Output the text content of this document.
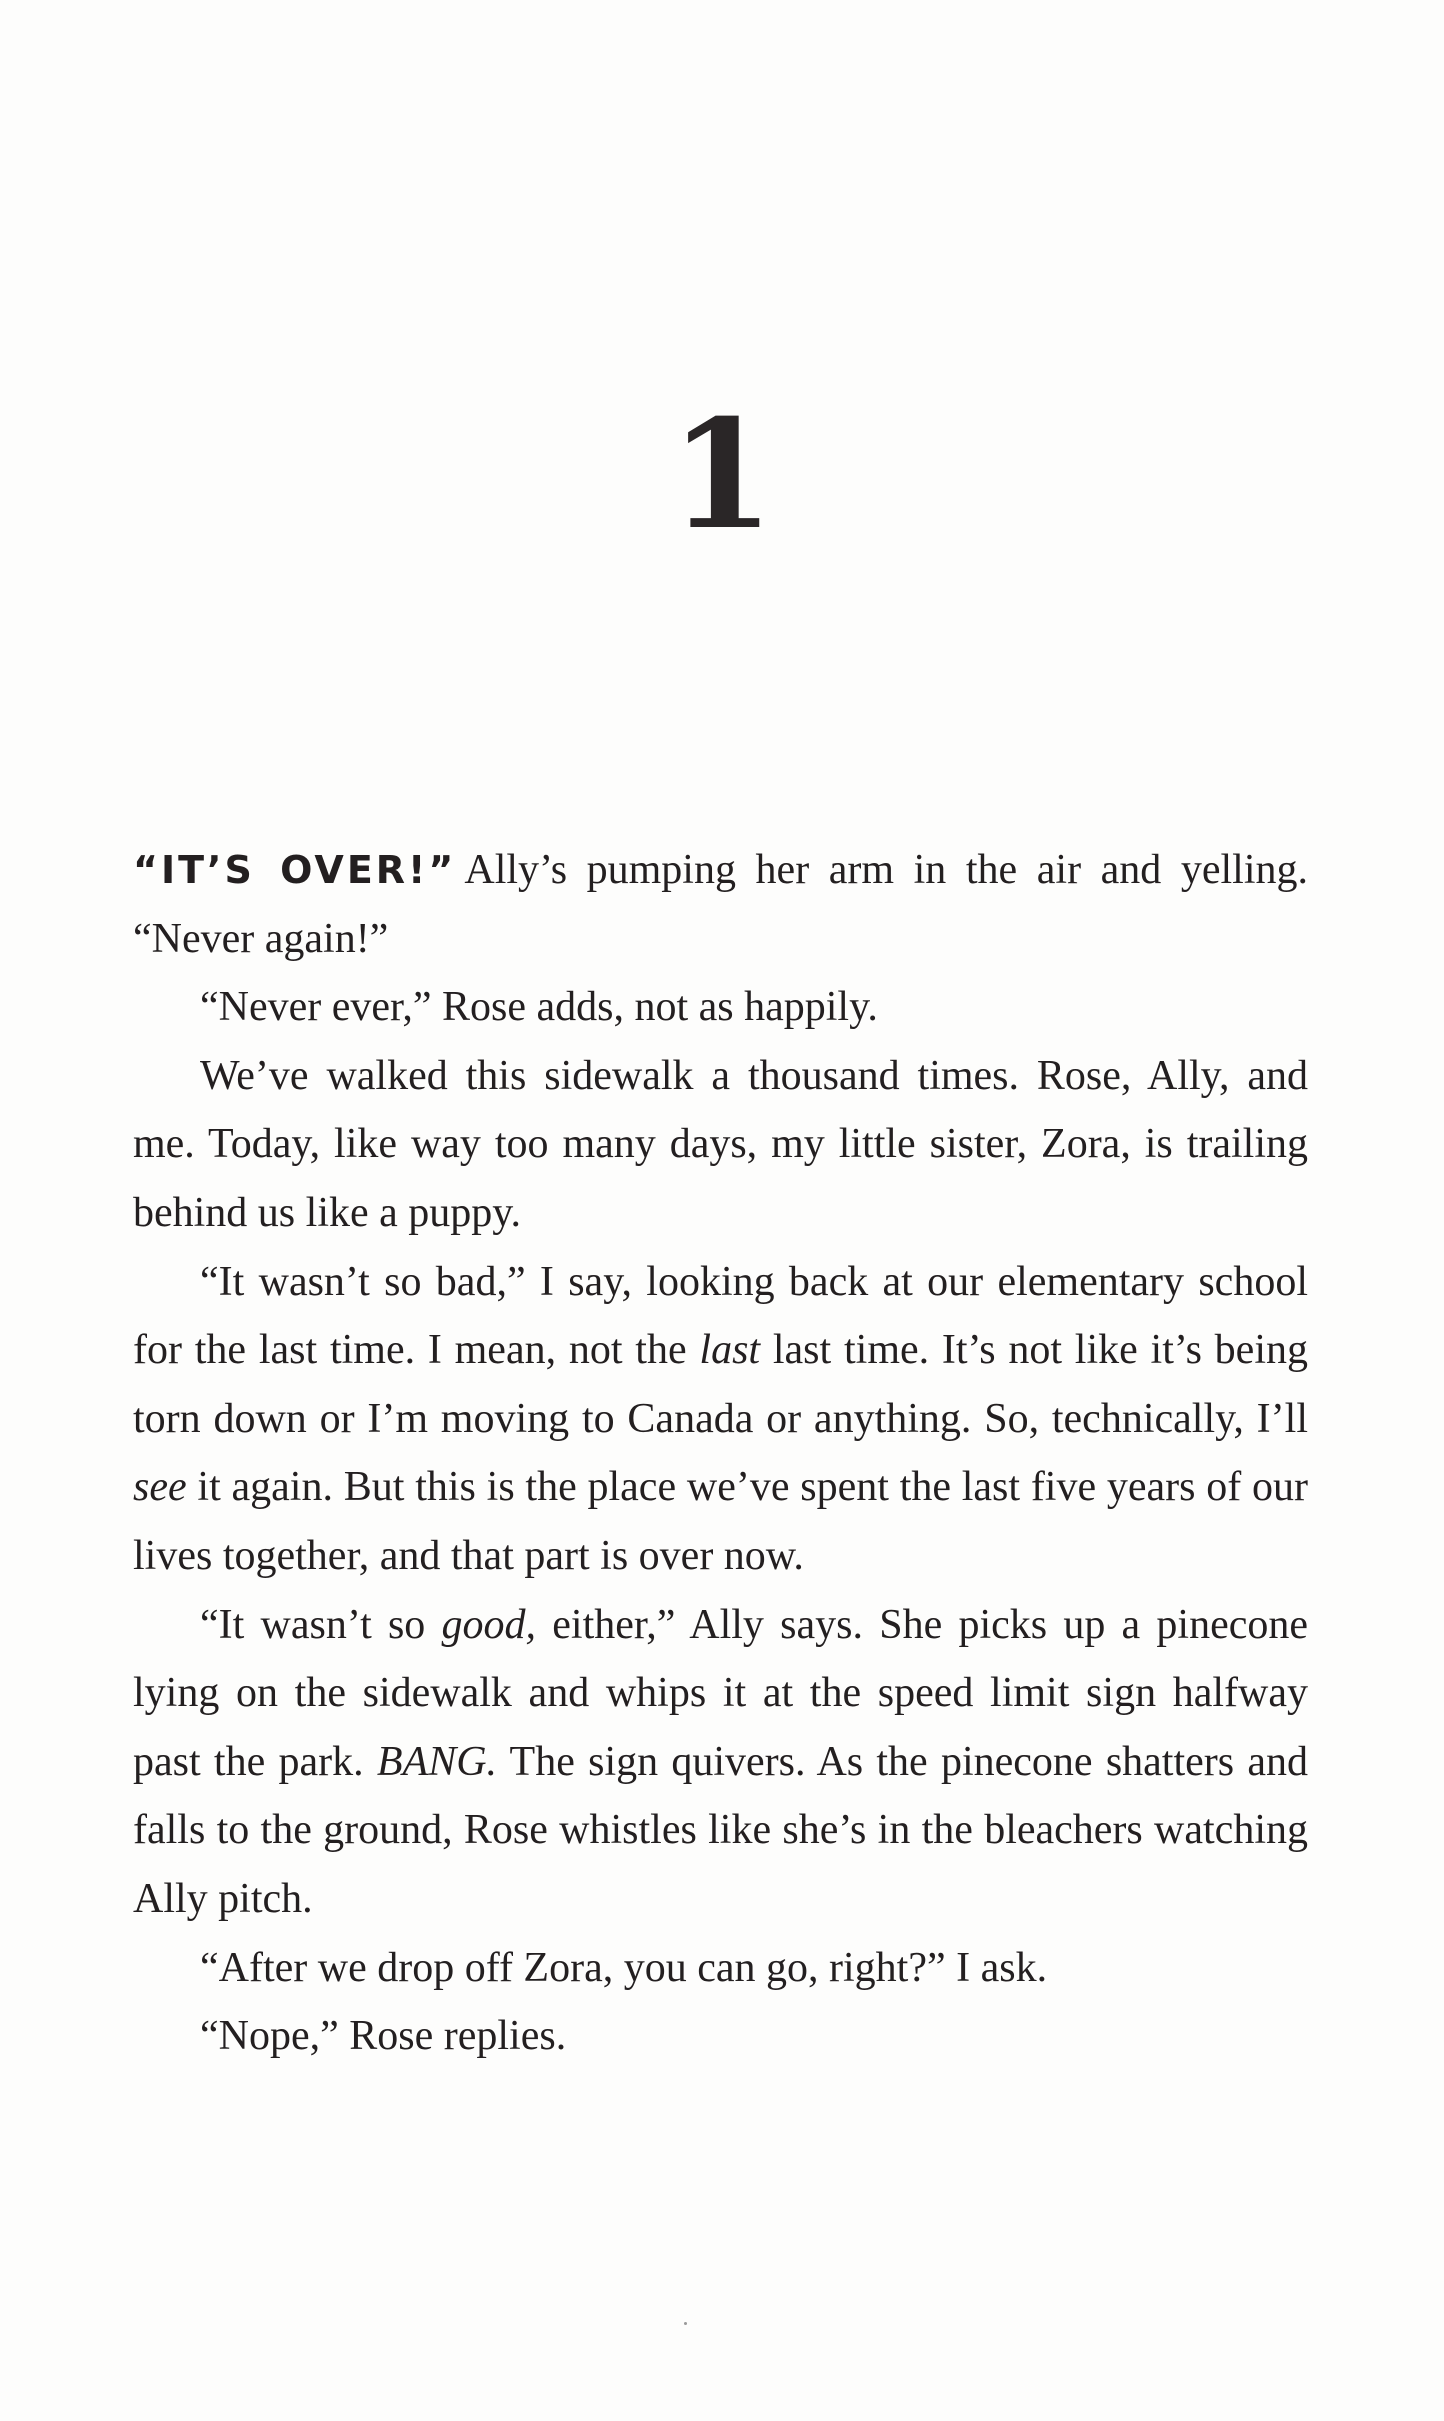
1

“IT’S OVER!” Ally’s pumping her arm in the air and yelling. “Never again!”

“Never ever,” Rose adds, not as happily.

We’ve walked this sidewalk a thousand times. Rose, Ally, and me. Today, like way too many days, my little sister, Zora, is trailing behind us like a puppy.

“It wasn’t so bad,” I say, looking back at our elementary school for the last time. I mean, not the last last time. It’s not like it’s being torn down or I’m moving to Canada or anything. So, technically, I’ll see it again. But this is the place we’ve spent the last five years of our lives together, and that part is over now.

“It wasn’t so good, either,” Ally says. She picks up a pinecone lying on the sidewalk and whips it at the speed limit sign halfway past the park. BANG. The sign quivers. As the pinecone shatters and falls to the ground, Rose whistles like she’s in the bleachers watching Ally pitch.

“After we drop off Zora, you can go, right?” I ask.

“Nope,” Rose replies.
